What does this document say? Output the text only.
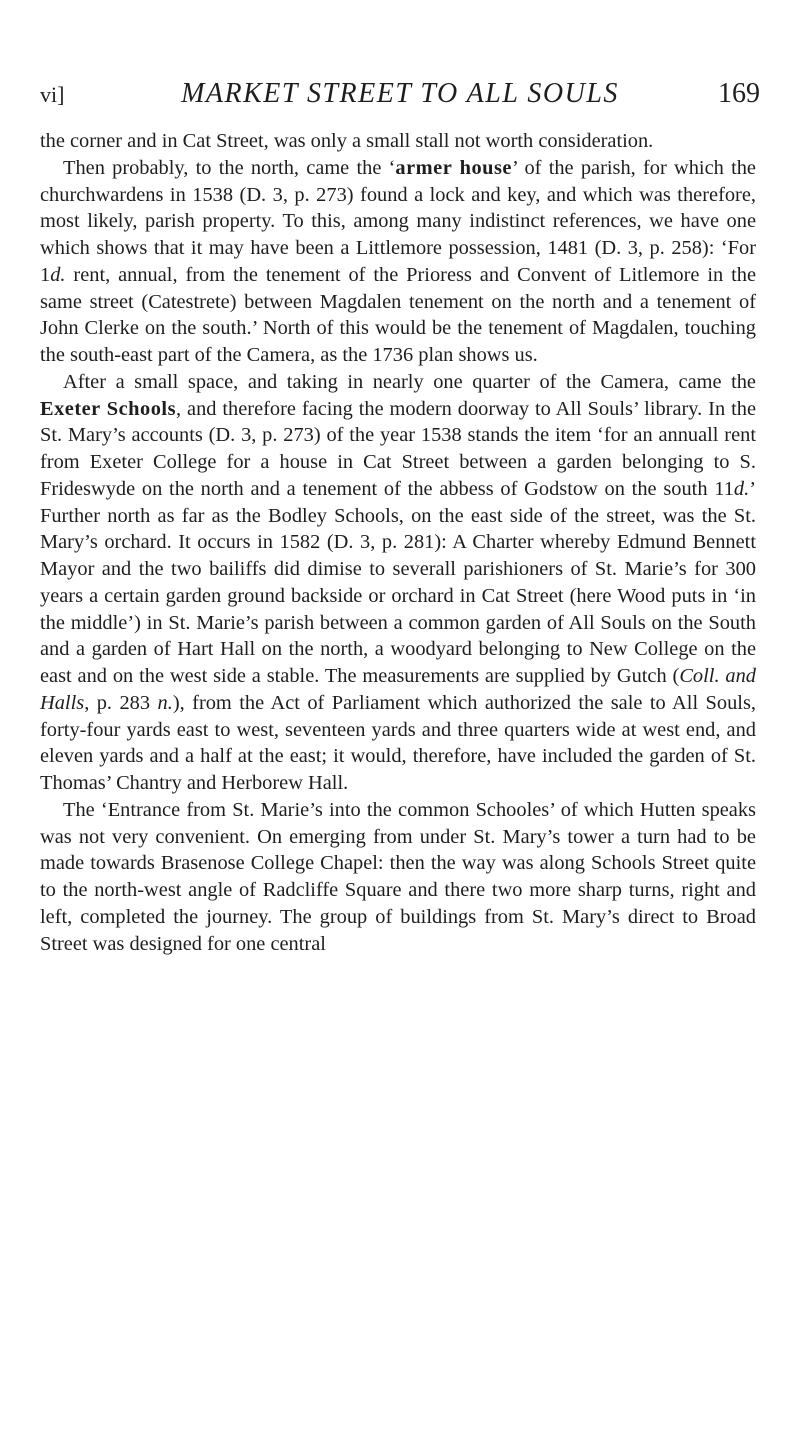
vi]	MARKET STREET TO ALL SOULS	169

the corner and in Cat Street, was only a small stall not worth consideration.

Then probably, to the north, came the ‘armer house’ of the parish, for which the churchwardens in 1538 (D. 3, p. 273) found a lock and key, and which was therefore, most likely, parish property. To this, among many indistinct references, we have one which shows that it may have been a Littlemore possession, 1481 (D. 3, p. 258): ‘For 1d. rent, annual, from the tenement of the Prioress and Convent of Litlemore in the same street (Catestrete) between Magdalen tenement on the north and a tenement of John Clerke on the south.’ North of this would be the tenement of Magdalen, touching the south-east part of the Camera, as the 1736 plan shows us.

After a small space, and taking in nearly one quarter of the Camera, came the Exeter Schools, and therefore facing the modern doorway to All Souls’ library. In the St. Mary’s accounts (D. 3, p. 273) of the year 1538 stands the item ‘for an annuall rent from Exeter College for a house in Cat Street between a garden belonging to S. Frideswyde on the north and a tenement of the abbess of Godstow on the south 11d.’ Further north as far as the Bodley Schools, on the east side of the street, was the St. Mary’s orchard. It occurs in 1582 (D. 3, p. 281): A Charter whereby Edmund Bennett Mayor and the two bailiffs did dimise to severall parishioners of St. Marie’s for 300 years a certain garden ground backside or orchard in Cat Street (here Wood puts in ‘in the middle’) in St. Marie’s parish between a common garden of All Souls on the South and a garden of Hart Hall on the north, a woodyard belonging to New College on the east and on the west side a stable. The measurements are supplied by Gutch (Coll. and Halls, p. 283 n.), from the Act of Parliament which authorized the sale to All Souls, forty-four yards east to west, seventeen yards and three quarters wide at west end, and eleven yards and a half at the east; it would, therefore, have included the garden of St. Thomas’ Chantry and Herborew Hall.

The ‘Entrance from St. Marie’s into the common Schooles’ of which Hutten speaks was not very convenient. On emerging from under St. Mary’s tower a turn had to be made towards Brasenose College Chapel: then the way was along Schools Street quite to the north-west angle of Radcliffe Square and there two more sharp turns, right and left, completed the journey. The group of buildings from St. Mary’s direct to Broad Street was designed for one central
